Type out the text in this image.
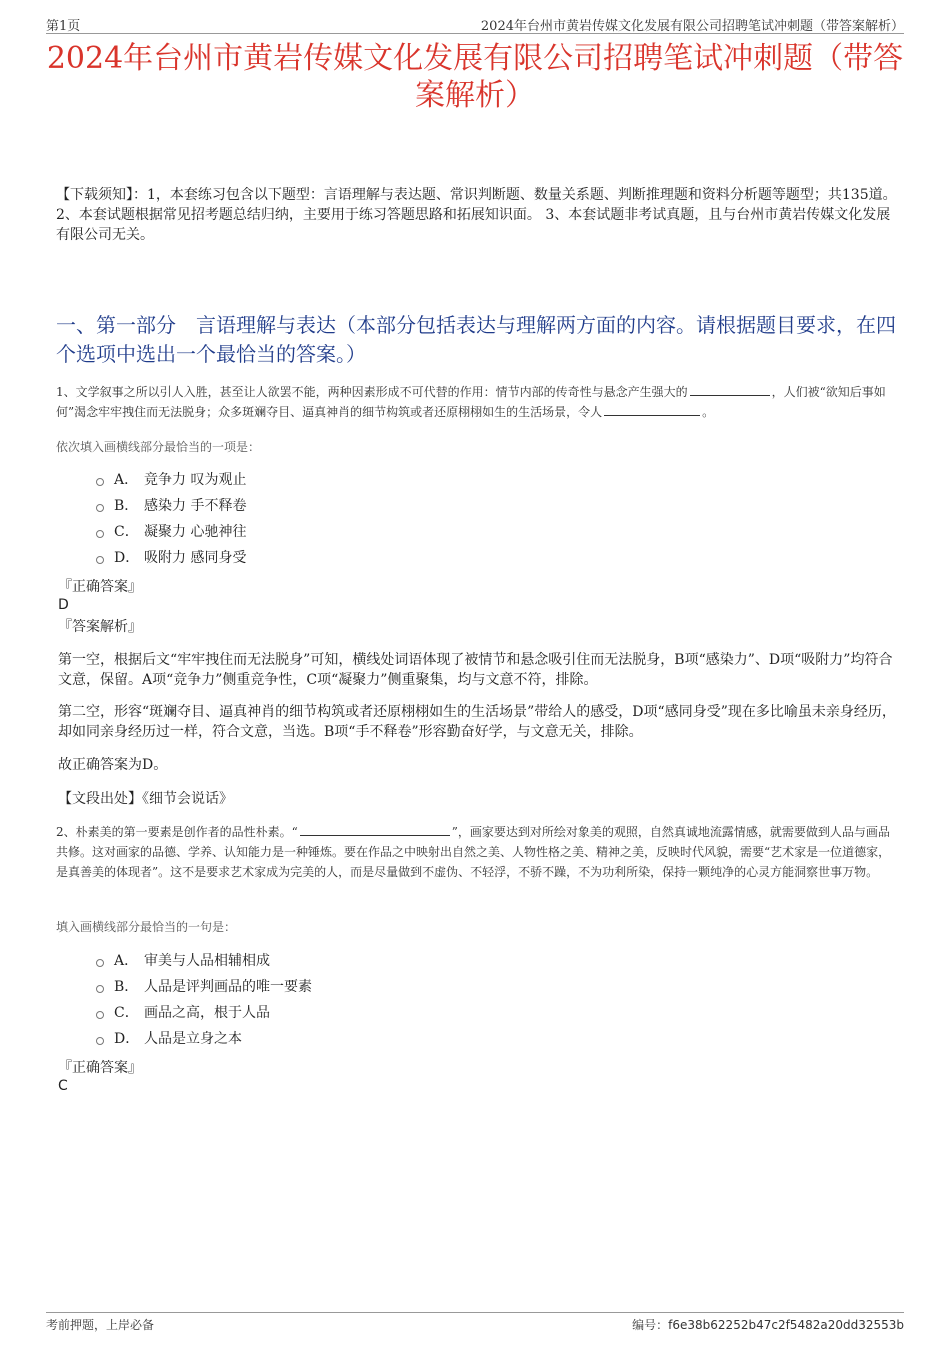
第1页	2024年台州市黄岩传媒文化发展有限公司招聘笔试冲刺题（带答案解析）
2024年台州市黄岩传媒文化发展有限公司招聘笔试冲刺题（带答案解析）
【下载须知】：1，本套练习包含以下题型：言语理解与表达题、常识判断题、数量关系题、判断推理题和资料分析题等题型；共135道。 2、本套试题根据常见招考题总结归纳，主要用于练习答题思路和拓展知识面。 3、本套试题非考试真题，且与台州市黄岩传媒文化发展有限公司无关。
一、第一部分　言语理解与表达（本部分包括表达与理解两方面的内容。请根据题目要求，在四个选项中选出一个最恰当的答案。）
1、文学叙事之所以引人入胜，甚至让人欲罢不能，两种因素形成不可代替的作用：情节内部的传奇性与悬念产生强大的	，人们被“欲知后事如何”渴念牢牢拽住而无法脱身；众多斑斓夺目、逼真神肖的细节构筑或者还原栩栩如生的生活场景，令人	。
依次填入画横线部分最恰当的一项是：
A． 竞争力 叹为观止
B． 感染力 手不释卷
C． 凝聚力 心驰神往
D． 吸附力 感同身受
『正确答案』
D
『答案解析』
第一空，根据后文“牢牢拽住而无法脱身”可知，横线处词语体现了被情节和悬念吸引住而无法脱身，B项“感染力”、D项“吸附力”均符合文意，保留。A项“竞争力”侧重竞争性，C项“凝聚力”侧重聚集，均与文意不符，排除。
第二空，形容“斑斓夺目、逼真神肖的细节构筑或者还原栩栩如生的生活场景”带给人的感受，D项“感同身受”现在多比喻虽未亲身经历，却如同亲身经历过一样，符合文意，当选。B项“手不释卷”形容勤奋好学，与文意无关，排除。
故正确答案为D。
【文段出处】《细节会说话》
2、朴素美的第一要素是创作者的品性朴素。“	”，画家要达到对所绘对象美的观照，自然真诚地流露情感，就需要做到人品与画品共修。这对画家的品德、学养、认知能力是一种锤炼。要在作品之中映射出自然之美、人物性格之美、精神之美，反映时代风貌，需要“艺术家是一位道德家，是真善美的体现者”。这不是要求艺术家成为完美的人，而是尽量做到不虚伪、不轻浮，不骄不躁，不为功利所染，保持一颗纯净的心灵方能洞察世事万物。
填入画横线部分最恰当的一句是：
A． 审美与人品相辅相成
B． 人品是评判画品的唯一要素
C． 画品之高，根于人品
D． 人品是立身之本
『正确答案』
C
考前押题，上岸必备	编号：f6e38b62252b47c2f5482a20dd32553b
